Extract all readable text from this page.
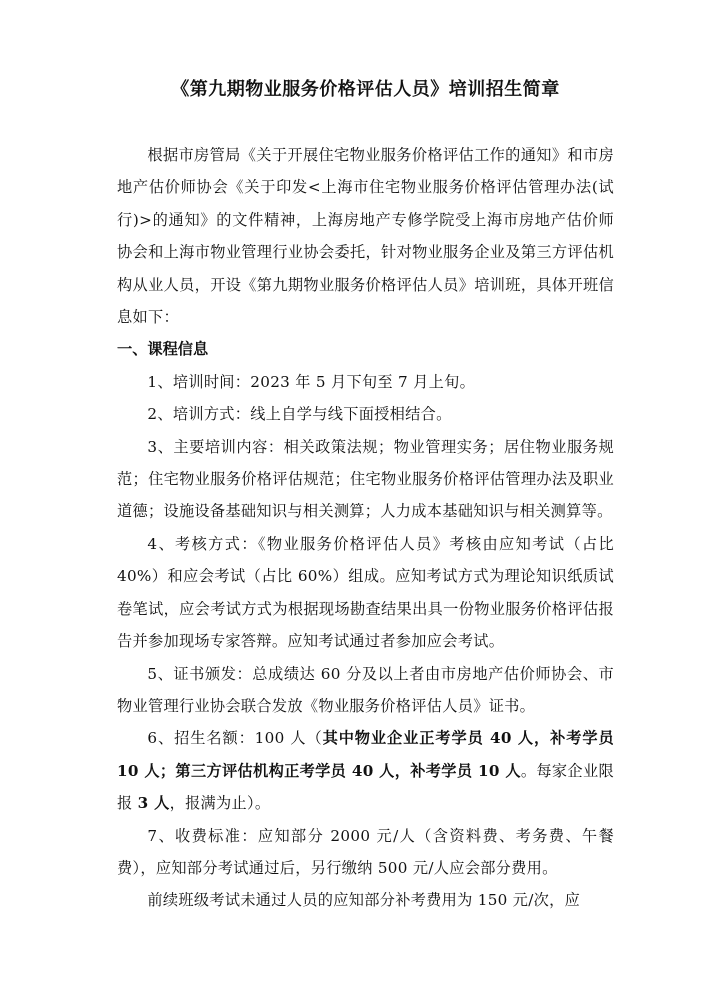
《第九期物业服务价格评估人员》培训招生简章

根据市房管局《关于开展住宅物业服务价格评估工作的通知》和市房地产估价师协会《关于印发<上海市住宅物业服务价格评估管理办法(试行)>的通知》的文件精神，上海房地产专修学院受上海市房地产估价师协会和上海市物业管理行业协会委托，针对物业服务企业及第三方评估机构从业人员，开设《第九期物业服务价格评估人员》培训班，具体开班信息如下：

一、课程信息

1、培训时间：2023 年 5 月下旬至 7 月上旬。

2、培训方式：线上自学与线下面授相结合。

3、主要培训内容：相关政策法规；物业管理实务；居住物业服务规范；住宅物业服务价格评估规范；住宅物业服务价格评估管理办法及职业道德；设施设备基础知识与相关测算；人力成本基础知识与相关测算等。

4、考核方式：《物业服务价格评估人员》考核由应知考试（占比 40%）和应会考试（占比 60%）组成。应知考试方式为理论知识纸质试卷笔试，应会考试方式为根据现场勘查结果出具一份物业服务价格评估报告并参加现场专家答辩。应知考试通过者参加应会考试。

5、证书颁发：总成绩达 60 分及以上者由市房地产估价师协会、市物业管理行业协会联合发放《物业服务价格评估人员》证书。

6、招生名额：100 人（其中物业企业正考学员 40 人，补考学员 10 人；第三方评估机构正考学员 40 人，补考学员 10 人。每家企业限报 3 人，报满为止）。

7、收费标准：应知部分 2000 元/人（含资料费、考务费、午餐费），应知部分考试通过后，另行缴纳 500 元/人应会部分费用。

前续班级考试未通过人员的应知部分补考费用为 150 元/次，应
